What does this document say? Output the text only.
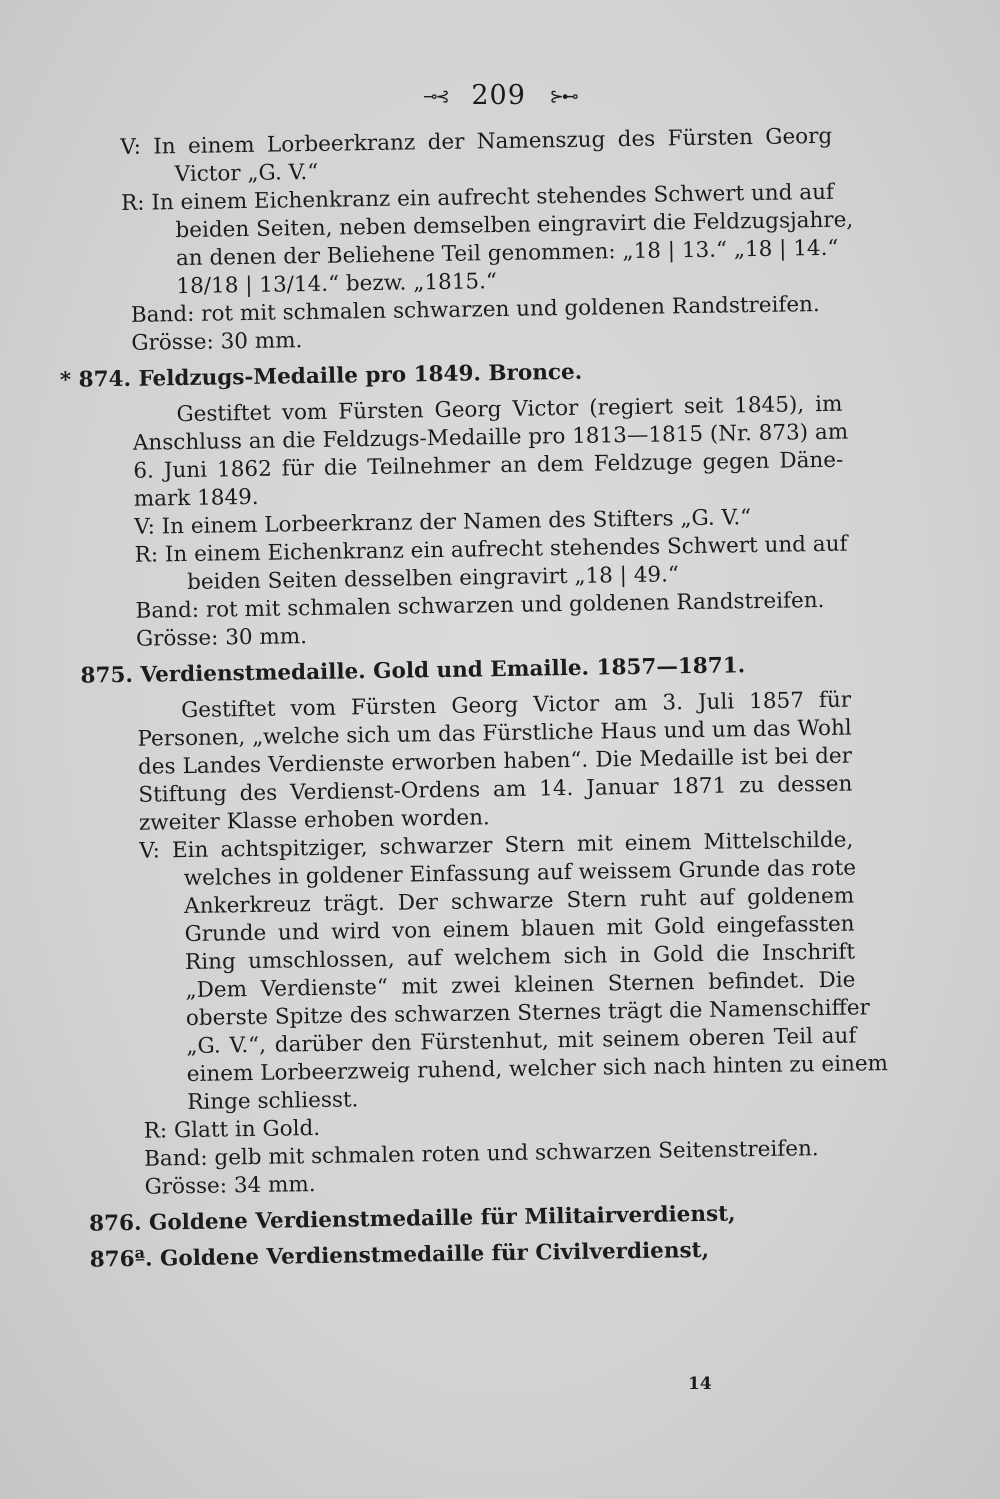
⊸⊰ 209 ⊱⊷
V: In einem Lorbeerkranz der Namenszug des Fürsten Georg
Victor „G. V.“
R: In einem Eichenkranz ein aufrecht stehendes Schwert und auf
beiden Seiten, neben demselben eingravirt die Feldzugsjahre,
an denen der Beliehene Teil genommen: „18 | 13.“ „18 | 14.“
18/18 | 13/14.“ bezw. „1815.“
Band: rot mit schmalen schwarzen und goldenen Randstreifen.
Grösse: 30 mm.
* 874. Feldzugs-Medaille pro 1849. Bronce.
Gestiftet vom Fürsten Georg Victor (regiert seit 1845), im
Anschluss an die Feldzugs-Medaille pro 1813—1815 (Nr. 873) am
6. Juni 1862 für die Teilnehmer an dem Feldzuge gegen Däne-
mark 1849.
V: In einem Lorbeerkranz der Namen des Stifters „G. V.“
R: In einem Eichenkranz ein aufrecht stehendes Schwert und auf
beiden Seiten desselben eingravirt „18 | 49.“
Band: rot mit schmalen schwarzen und goldenen Randstreifen.
Grösse: 30 mm.
875. Verdienstmedaille. Gold und Emaille. 1857—1871.
Gestiftet vom Fürsten Georg Victor am 3. Juli 1857 für
Personen, „welche sich um das Fürstliche Haus und um das Wohl
des Landes Verdienste erworben haben“. Die Medaille ist bei der
Stiftung des Verdienst-Ordens am 14. Januar 1871 zu dessen
zweiter Klasse erhoben worden.
V: Ein achtspitziger, schwarzer Stern mit einem Mittelschilde,
welches in goldener Einfassung auf weissem Grunde das rote
Ankerkreuz trägt. Der schwarze Stern ruht auf goldenem
Grunde und wird von einem blauen mit Gold eingefassten
Ring umschlossen, auf welchem sich in Gold die Inschrift
„Dem Verdienste“ mit zwei kleinen Sternen befindet. Die
oberste Spitze des schwarzen Sternes trägt die Namenschiffer
„G. V.“, darüber den Fürstenhut, mit seinem oberen Teil auf
einem Lorbeerzweig ruhend, welcher sich nach hinten zu einem
Ringe schliesst.
R: Glatt in Gold.
Band: gelb mit schmalen roten und schwarzen Seitenstreifen.
Grösse: 34 mm.
876. Goldene Verdienstmedaille für Militairverdienst,
876ª. Goldene Verdienstmedaille für Civilverdienst,
14
